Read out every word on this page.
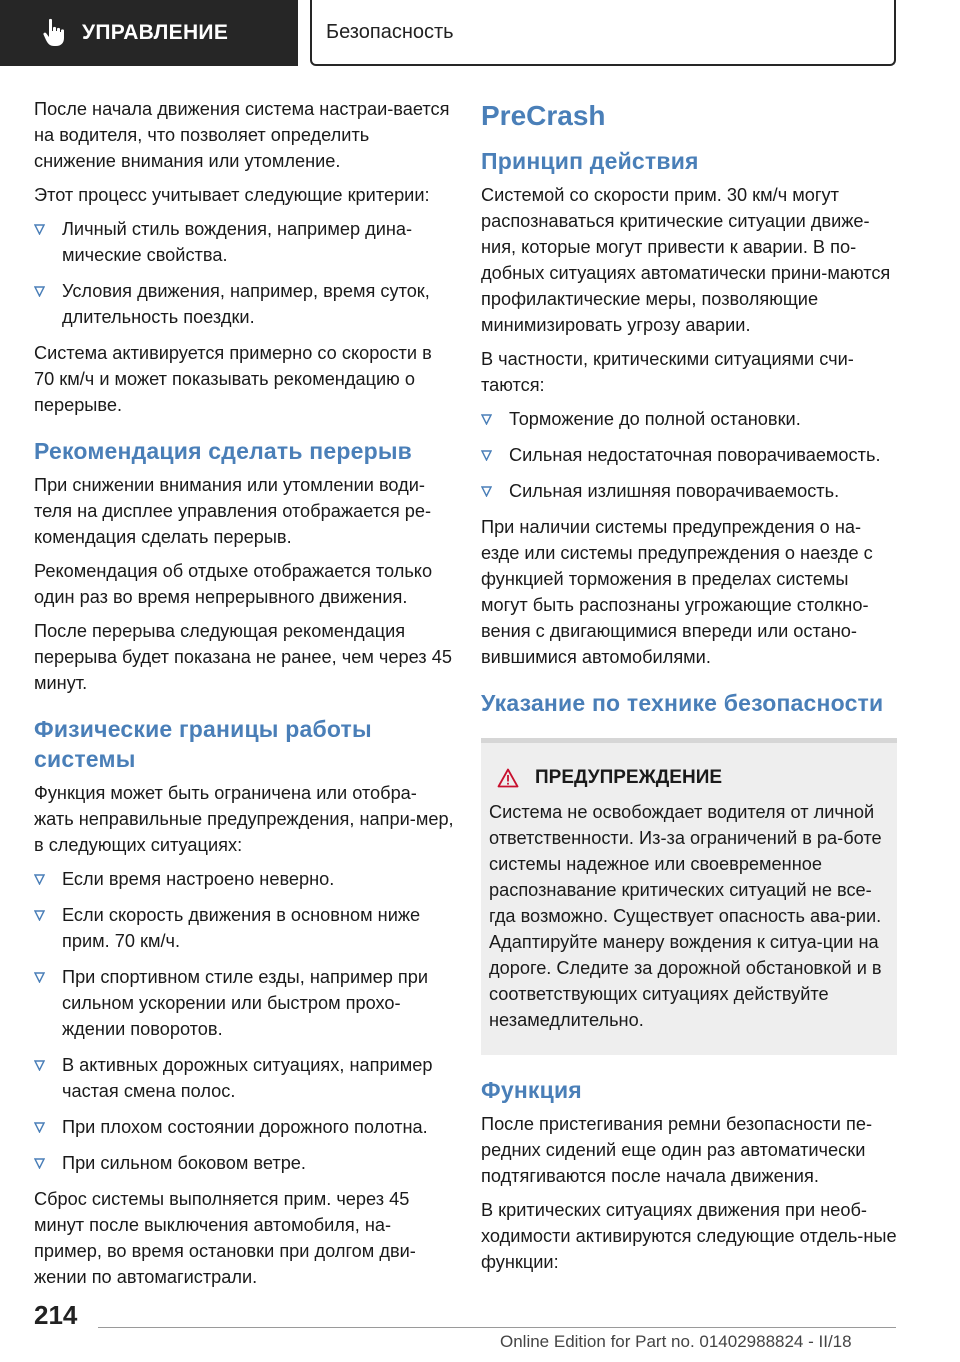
УПРАВЛЕНИЕ	Безопасность

После начала движения система настраи-вается на водителя, что позволяет определить снижение внимания или утомление.

Этот процесс учитывает следующие критерии:

Личный стиль вождения, например дина-мические свойства.
Условия движения, например, время суток, длительность поездки.

Система активируется примерно со скорости в 70 км/ч и может показывать рекомендацию о перерыве.

Рекомендация сделать перерыв

При снижении внимания или утомлении води-теля на дисплее управления отображается ре-комендация сделать перерыв.

Рекомендация об отдыхе отображается только один раз во время непрерывного движения.

После перерыва следующая рекомендация перерыва будет показана не ранее, чем через 45 минут.

Физические границы работы системы

Функция может быть ограничена или отобра-жать неправильные предупреждения, напри-мер, в следующих ситуациях:

Если время настроено неверно.
Если скорость движения в основном ниже прим. 70 км/ч.
При спортивном стиле езды, например при сильном ускорении или быстром прохо-ждении поворотов.
В активных дорожных ситуациях, например частая смена полос.
При плохом состоянии дорожного полотна.
При сильном боковом ветре.

Сброс системы выполняется прим. через 45 минут после выключения автомобиля, на-пример, во время остановки при долгом дви-жении по автомагистрали.

PreCrash
Принцип действия

Системой со скорости прим. 30 км/ч могут распознаваться критические ситуации движе-ния, которые могут привести к аварии. В по-добных ситуациях автоматически прини-маются профилактические меры, позволяющие минимизировать угрозу аварии.

В частности, критическими ситуациями счи-таются:

Торможение до полной остановки.
Сильная недостаточная поворачиваемость.
Сильная излишняя поворачиваемость.

При наличии системы предупреждения о на-езде или системы предупреждения о наезде с функцией торможения в пределах системы могут быть распознаны угрожающие столкно-вения с двигающимися впереди или остано-вившимися автомобилями.

Указание по технике безопасности
ПРЕДУПРЕЖДЕНИЕ
Система не освобождает водителя от личной ответственности. Из-за ограничений в ра-боте системы надежное или своевременное распознавание критических ситуаций не все-гда возможно. Существует опасность ава-рии. Адаптируйте манеру вождения к ситуа-ции на дороге. Следите за дорожной обстановкой и в соответствующих ситуациях действуйте незамедлительно.
Функция

После пристегивания ремни безопасности пе-редних сидений еще один раз автоматически подтягиваются после начала движения.

В критических ситуациях движения при необ-ходимости активируются следующие отдель-ные функции:

214
Online Edition for Part no. 01402988824 - II/18
